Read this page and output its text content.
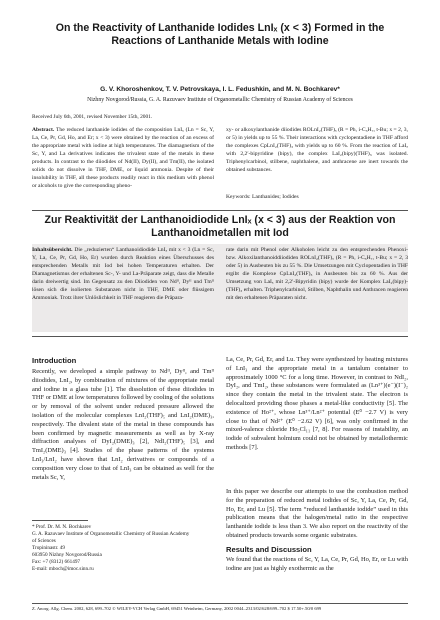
On the Reactivity of Lanthanide Iodides LnIₓ (x < 3) Formed in the Reactions of Lanthanide Metals with Iodine

G. V. Khoroshenkov, T. V. Petrovskaya, I. L. Fedushkin, and M. N. Bochkarev*

Nizhny Novgorod/Russia, G. A. Razuvaev Institute of Organometallic Chemistry of Russian Academy of Sciences

Received July 6th, 2001, revised November 15th, 2001.

Abstract. The reduced lanthanide iodides of the composition LnIₓ (Ln = Sc, Y, La, Ce, Pr, Gd, Ho, and Er; x < 3) were obtained by the reaction of an excess of the appropriate metal with iodine at high temperatures. The diamagnetism of the Sc, Y, and La derivatives indicates the trivalent state of the metals in these products. In contrast to the diiodides of Nd(II), Dy(II), and Tm(II), the isolated solids do not dissolve in THF, DME, or liquid ammonia. Despite of their insolubility in THF, all these products readily react in this medium with phenol or alcohols to give the corresponding pheno-

xy- or alkoxylanthanide diiodides ROLnI₂(THF)ₓ (R = Ph, i-C₃H₇, t-Bu; x = 2, 3, or 5) in yields up to 55 %. Their interactions with cyclopentadiene in THF afford the complexes CpLnI₂(THF)₃ with yields up to 60 %. From the reaction of LaIₓ with 2,2′-bipyridine (bipy), the complex LaI₂(bipy)(THF)₃ was isolated. Triphenylcarbinol, stilbene, naphthalene, and anthracene are inert towards the obtained substances.

Keywords: Lanthanides; Iodides

Zur Reaktivität der Lanthanoidiodide LnIₓ (x < 3) aus der Reaktion von Lanthanoidmetallen mit Iod

Inhaltsübersicht. Die „reduzierten“ Lanthanoidiodide LnIₓ mit x < 3 (Ln = Sc, Y, La, Ce, Pr, Gd, Ho, Er) wurden durch Reaktion eines Überschusses des entsprechenden Metalls mit Iod bei hohen Temperaturen erhalten. Der Diamagnetismus der erhaltenen Sc-, Y- und La-Präparate zeigt, dass die Metalle darin dreiwertig sind. Im Gegensatz zu den Diiodiden von Ndᴵᴵ, Dyᴵᴵ und Tmᴵᴵ lösen sich die isolierten Substanzen nicht in THF, DME oder flüssigem Ammoniak. Trotz ihrer Unlöslichkeit in THF reagieren die Präpara-

rate darin mit Phenol oder Alkoholen leicht zu den entsprechenden Phenoxi- bzw. Alkoxilanthanoiddiiodiden ROLnI₂(THF)ₓ (R = Ph, i-C₃H₇, t-Bu; x = 2, 3 oder 5) in Ausbeuten bis zu 55 %. Die Umsetzungen mit Cyclopentadien in THF ergibt die Komplexe CpLnI₂(THF)₃ in Ausbeuten bis zu 60 %. Aus der Umsetzung von LaIₓ mit 2,2′-Bipyridin (bipy) wurde der Komplex LaI₂(bipy)-(THF)₃ erhalten. Triphenylcarbinol, Stilben, Naphthalin und Anthracen reagieren mit den erhaltenen Präparaten nicht.

Introduction

Recently, we developed a simple pathway to Ndᴵᴵ, Dyᴵᴵ, and Tmᴵᴵ diiodides, LnI₂, by combination of mixtures of the appropriate metal and iodine in a glass tube [1]. The dissolution of these diiodides in THF or DME at low temperatures followed by cooling of the solutions or by removal of the solvent under reduced pressure allowed the isolation of the molecular complexes LnI₂(THF)₅ and LnI₂(DME)₃, respectively. The divalent state of the metal in these compounds has been confirmed by magnetic measurements as well as by X-ray diffraction analyses of DyI₂(DME)₃ [2], NdI₂(THF)₅ [3], and TmI₂(DME)₃ [4]. Studies of the phase patterns of the systems LnI₃/LnI₂ have shown that LnI₂ derivatives or compounds of a composition very close to that of LnI₃ can be obtained as well for the metals Sc, Y,

La, Ce, Pr, Gd, Er, and Lu. They were synthesized by heating mixtures of LnI₃ and the appropriate metal in a tantalum container to approximately 1000 °C for a long time. However, in contrast to NdI₂, DyI₂, and TmI₂, these substances were formulated as (Ln³⁺)(e⁻)(I⁻)₂ since they contain the metal in the trivalent state. The electron is delocalized providing those phases a metal-like conductivity [5]. The existence of Ho²⁺, whose Ln³⁺/Ln²⁺ potential (E⁰ −2.7 V) is very close to that of Nd²⁺ (E⁰ −2.62 V) [6], was only confirmed in the mixed-valence chloride Ho₅Cl₁₁ [7, 8]. For reasons of instability, an iodide of subvalent holmium could not be obtained by metallothermic methods [7].

In this paper we describe our attempts to use the combustion method for the preparation of reduced metal iodides of Sc, Y, La, Ce, Pr, Gd, Ho, Er, and Lu [5]. The term “reduced lanthanide iodide” used in this publication means that the halogen/metal ratio in the respective lanthanide iodide is less than 3. We also report on the reactivity of the obtained products towards some organic substrates.

Results and Discussion

We found that the reactions of Sc, Y, La, Ce, Pr, Gd, Ho, Er, or Lu with iodine are just as highly exothermic as the

* Prof. Dr. M. N. Bochkarev
G. A. Razuvaev Institute of Organometallic Chemistry of Russian Academy of Sciences
Tropininastr. 49
603950 Nizhny Novgorod/Russia
Fax: +7 (8312) 661497
E-mail: mboch@imoc.sinn.ru

Z. Anorg. Allg. Chem. 2002, 628, 699–702 © WILEY-VCH Verlag GmbH, 69451 Weinheim, Germany, 2002 0044–2313/02/628/699–702 $ 17.50+.50/0 699
